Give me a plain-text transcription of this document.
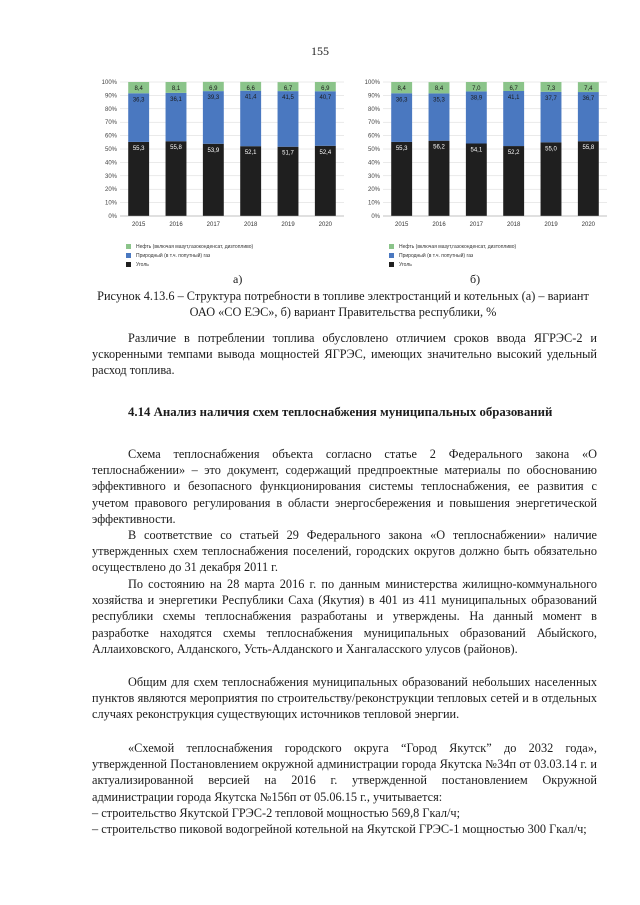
155
0%
10%
20%
30%
40%
50%
60%
70%
80%
90%
100%
55,3
36,3
8,4
2015
55,8
36,1
8,1
2016
53,9
39,3
6,9
2017
52,1
41,4
6,6
2018
51,7
41,5
6,7
2019
52,4
40,7
6,9
2020
Нефть (включая мазут,газоконденсат, дизтопливо)
Природный (в т.ч. попутный) газ
Уголь
0%
10%
20%
30%
40%
50%
60%
70%
80%
90%
100%
55,3
36,3
8,4
2015
56,2
35,3
8,4
2016
54,1
38,9
7,0
2017
52,2
41,1
6,7
2018
55,0
37,7
7,3
2019
55,8
36,7
7,4
2020
Нефть (включая мазут,газоконденсат, дизтопливо)
Природный (в т.ч. попутный) газ
Уголь
а)	б)
Рисунок 4.13.6 – Структура потребности в топливе электростанций и котельных (а) – вариант ОАО «СО ЕЭС», б) вариант Правительства республики, %
Различие в потреблении топлива обусловлено отличием сроков ввода ЯГРЭС-2 и ускоренными темпами вывода мощностей ЯГРЭС, имеющих значительно высокий удельный расход топлива.
4.14 Анализ наличия схем теплоснабжения муниципальных образований
Схема теплоснабжения объекта согласно статье 2 Федерального закона «О теплоснабжении» – это документ, содержащий предпроектные материалы по обоснованию эффективного и безопасного функционирования системы теплоснабжения, ее развития с учетом правового регулирования в области энергосбережения и повышения энергетической эффективности.
В соответствие со статьей 29 Федерального закона «О теплоснабжении» наличие утвержденных схем теплоснабжения поселений, городских округов должно быть обязательно осуществлено до 31 декабря 2011 г.
По состоянию на 28 марта 2016 г. по данным министерства жилищно-коммунального хозяйства и энергетики Республики Саха (Якутия) в 401 из 411 муниципальных образований республики схемы теплоснабжения разработаны и утверждены. На данный момент в разработке находятся схемы теплоснабжения муниципальных образований Абыйского, Аллаиховского, Алданского, Усть-Алданского и Хангаласского улусов (районов).
Общим для схем теплоснабжения муниципальных образований небольших населенных пунктов являются мероприятия по строительству/реконструкции тепловых сетей и в отдельных случаях реконструкция существующих источников тепловой энергии.
«Схемой теплоснабжения городского округа “Город Якутск” до 2032 года», утвержденной Постановлением окружной администрации города Якутска №34п от 03.03.14 г. и актуализированной версией на 2016 г. утвержденной постановлением Окружной администрации города Якутска №156п от 05.06.15 г., учитывается:
– строительство Якутской ГРЭС-2 тепловой мощностью 569,8 Гкал/ч;
– строительство пиковой водогрейной котельной на Якутской ГРЭС-1 мощностью 300 Гкал/ч;
